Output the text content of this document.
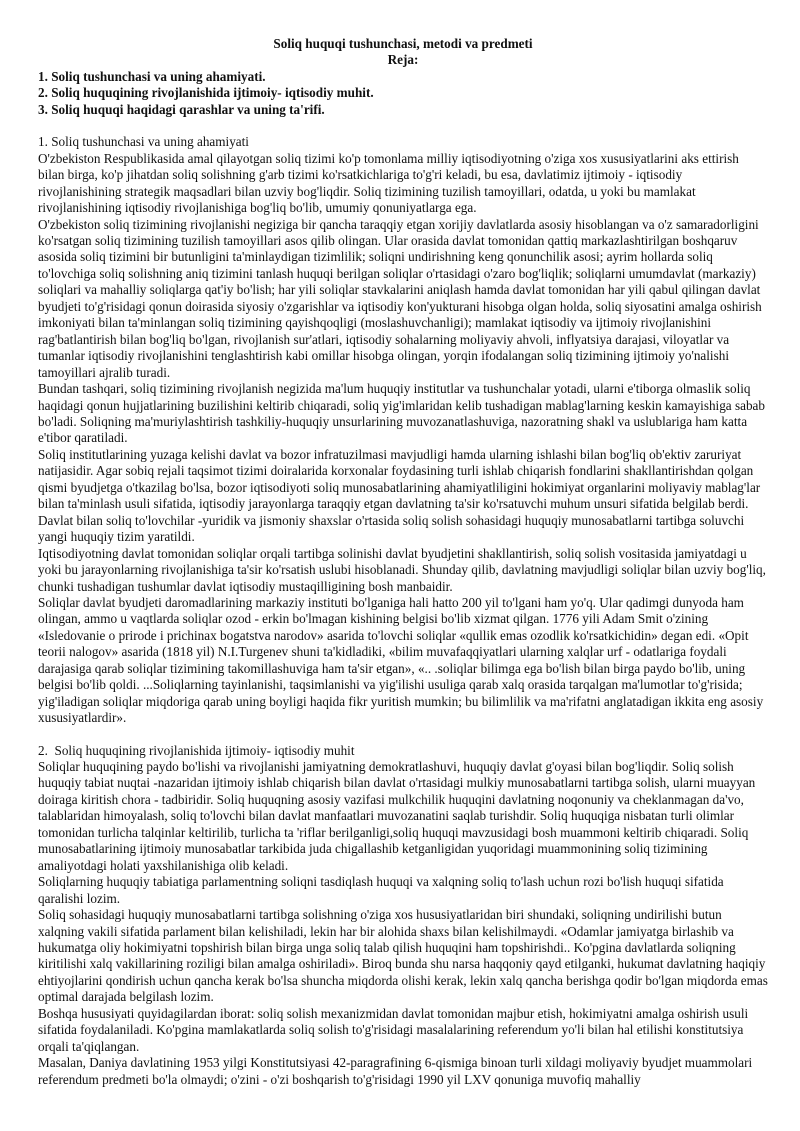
Soliq huquqi tushunchasi, metodi va predmeti

Reja:

1. Soliq tushunchasi va uning ahamiyati.

2. Soliq huquqining rivojlanishida ijtimoiy- iqtisodiy muhit.

3. Soliq huquqi haqidagi qarashlar va uning ta'rifi.

1. Soliq tushunchasi va uning ahamiyati

O'zbekiston Respublikasida amal qilayotgan soliq tizimi ko'p tomonlama milliy iqtisodiyotning o'ziga xos xususiyatlarini aks ettirish bilan birga, ko'p jihatdan soliq solishning g'arb tizimi ko'rsatkichlariga to'g'ri keladi, bu esa, davlatimiz ijtimoiy - iqtisodiy rivojlanishining strategik maqsadlari bilan uzviy bog'liqdir. Soliq tizimining tuzilish tamoyillari, odatda, u yoki bu mamlakat rivojlanishining iqtisodiy rivojlanishiga bog'liq bo'lib, umumiy qonuniyatlarga ega.

O'zbekiston soliq tizimining rivojlanishi negiziga bir qancha taraqqiy etgan xorijiy davlatlarda asosiy hisoblangan va o'z samaradorligini ko'rsatgan soliq tizimining tuzilish tamoyillari asos qilib olingan. Ular orasida davlat tomonidan qattiq markazlashtirilgan boshqaruv asosida soliq tizimini bir butunligini ta'minlaydigan tizimlilik; soliqni undirishning keng qonunchilik asosi; ayrim hollarda soliq to'lovchiga soliq solishning aniq tizimini tanlash huquqi berilgan soliqlar o'rtasidagi o'zaro bog'liqlik; soliqlarni umumdavlat (markaziy) soliqlari va mahalliy soliqlarga qat'iy bo'lish; har yili soliqlar stavkalarini aniqlash hamda davlat tomonidan har yili qabul qilingan davlat byudjeti to'g'risidagi qonun doirasida siyosiy o'zgarishlar va iqtisodiy kon'yukturani hisobga olgan holda, soliq siyosatini amalga oshirish imkoniyati bilan ta'minlangan soliq tizimining qayishqoqligi (moslashuvchanligi); mamlakat iqtisodiy va ijtimoiy rivojlanishini rag'batlantirish bilan bog'liq bo'lgan, rivojlanish sur'atlari, iqtisodiy sohalarning moliyaviy ahvoli, inflyatsiya darajasi, viloyatlar va tumanlar iqtisodiy rivojlanishini tenglashtirish kabi omillar hisobga olingan, yorqin ifodalangan soliq tizimining ijtimoiy yo'nalishi tamoyillari ajralib turadi.

Bundan tashqari, soliq tizimining rivojlanish negizida ma'lum huquqiy institutlar va tushunchalar yotadi, ularni e'tiborga olmaslik soliq haqidagi qonun hujjatlarining buzilishini keltirib chiqaradi, soliq yig'imlaridan kelib tushadigan mablag'larning keskin kamayishiga sabab bo'ladi. Soliqning ma'muriylashtirish tashkiliy-huquqiy unsurlarining muvozanatlashuviga, nazoratning shakl va uslublariga ham katta e'tibor qaratiladi.

Soliq institutlarining yuzaga kelishi davlat va bozor infratuzilmasi mavjudligi hamda ularning ishlashi bilan bog'liq ob'ektiv zaruriyat natijasidir. Agar sobiq rejali taqsimot tizimi doiralarida korxonalar foydasining turli ishlab chiqarish fondlarini shakllantirishdan qolgan qismi byudjetga o'tkazilag bo'lsa, bozor iqtisodiyoti soliq munosabatlarining ahamiyatliligini hokimiyat organlarini moliyaviy mablag'lar bilan ta'minlash usuli sifatida, iqtisodiy jarayonlarga taraqqiy etgan davlatning ta'sir ko'rsatuvchi muhum unsuri sifatida belgilab berdi. Davlat bilan soliq to'lovchilar -yuridik va jismoniy shaxslar o'rtasida soliq solish sohasidagi huquqiy munosabatlarni tartibga soluvchi yangi huquqiy tizim yaratildi.

Iqtisodiyotning davlat tomonidan soliqlar orqali tartibga solinishi davlat byudjetini shakllantirish, soliq solish vositasida jamiyatdagi u yoki bu jarayonlarning rivojlanishiga ta'sir ko'rsatish uslubi hisoblanadi. Shunday qilib, davlatning mavjudligi soliqlar bilan uzviy bog'liq, chunki tushadigan tushumlar davlat iqtisodiy mustaqilligining bosh manbaidir.

Soliqlar davlat byudjeti daromadlarining markaziy instituti bo'lganiga hali hatto 200 yil to'lgani ham yo'q. Ular qadimgi dunyoda ham olingan, ammo u vaqtlarda soliqlar ozod - erkin bo'lmagan kishining belgisi bo'lib xizmat qilgan. 1776 yili Adam Smit o'zining «Isledovanie o prirode i prichinax bogatstva narodov» asarida to'lovchi soliqlar «qullik emas ozodlik ko'rsatkichidin» degan edi. «Opit teorii nalogov» asarida (1818 yil) N.I.Turgenev shuni ta'kidladiki, «bilim muvafaqqiyatlari ularning xalqlar urf - odatlariga foydali darajasiga qarab soliqlar tizimining takomillashuviga ham ta'sir etgan», «.. .soliqlar bilimga ega bo'lish bilan birga paydo bo'lib, uning belgisi bo'lib qoldi. ...Soliqlarning tayinlanishi, taqsimlanishi va yig'ilishi usuliga qarab xalq orasida tarqalgan ma'lumotlar to'g'risida; yig'iladigan soliqlar miqdoriga qarab uning boyligi haqida fikr yuritish mumkin; bu bilimlilik va ma'rifatni anglatadigan ikkita eng asosiy xususiyatlardir».

2.  Soliq huquqining rivojlanishida ijtimoiy- iqtisodiy muhit

Soliqlar huquqining paydo bo'lishi va rivojlanishi jamiyatning demokratlashuvi, huquqiy davlat g'oyasi bilan bog'liqdir. Soliq solish huquqiy tabiat nuqtai -nazaridan ijtimoiy ishlab chiqarish bilan davlat o'rtasidagi mulkiy munosabatlarni tartibga solish, ularni muayyan doiraga kiritish chora - tadbiridir. Soliq huquqning asosiy vazifasi mulkchilik huquqini davlatning noqonuniy va cheklanmagan da'vo, talablaridan himoyalash, soliq to'lovchi bilan davlat manfaatlari muvozanatini saqlab turishdir. Soliq huquqiga nisbatan turli olimlar tomonidan turlicha talqinlar keltirilib, turlicha ta 'riflar berilganligi,soliq huquqi mavzusidagi bosh muammoni keltirib chiqaradi. Soliq munosabatlarining ijtimoiy munosabatlar tarkibida juda chigallashib ketganligidan yuqoridagi muammonining soliq tizimining amaliyotdagi holati yaxshilanishiga olib keladi.

Soliqlarning huquqiy tabiatiga parlamentning soliqni tasdiqlash huquqi va xalqning soliq to'lash uchun rozi bo'lish huquqi sifatida qaralishi lozim.

Soliq sohasidagi huquqiy munosabatlarni tartibga solishning o'ziga xos hususiyatlaridan biri shundaki, soliqning undirilishi butun xalqning vakili sifatida parlament bilan kelishiladi, lekin har bir alohida shaxs bilan kelishilmaydi. «Odamlar jamiyatga birlashib va hukumatga oliy hokimiyatni topshirish bilan birga unga soliq talab qilish huquqini ham topshirishdi.. Ko'pgina davlatlarda soliqning kiritilishi xalq vakillarining roziligi bilan amalga oshiriladi». Biroq bunda shu narsa haqqoniy qayd etilganki, hukumat davlatning haqiqiy ehtiyojlarini qondirish uchun qancha kerak bo'lsa shuncha miqdorda olishi kerak, lekin xalq qancha berishga qodir bo'lgan miqdorda emas optimal darajada belgilash lozim.

Boshqa hususiyati quyidagilardan iborat: soliq solish mexanizmidan davlat tomonidan majbur etish, hokimiyatni amalga oshirish usuli sifatida foydalaniladi. Ko'pgina mamlakatlarda soliq solish to'g'risidagi masalalarining referendum yo'li bilan hal etilishi konstitutsiya orqali ta'qiqlangan.

Masalan, Daniya davlatining 1953 yilgi Konstitutsiyasi 42-paragrafining 6-qismiga binoan turli xildagi moliyaviy byudjet muammolari referendum predmeti bo'la olmaydi; o'zini - o'zi boshqarish to'g'risidagi 1990 yil LXV qonuniga muvofiq mahalliy
